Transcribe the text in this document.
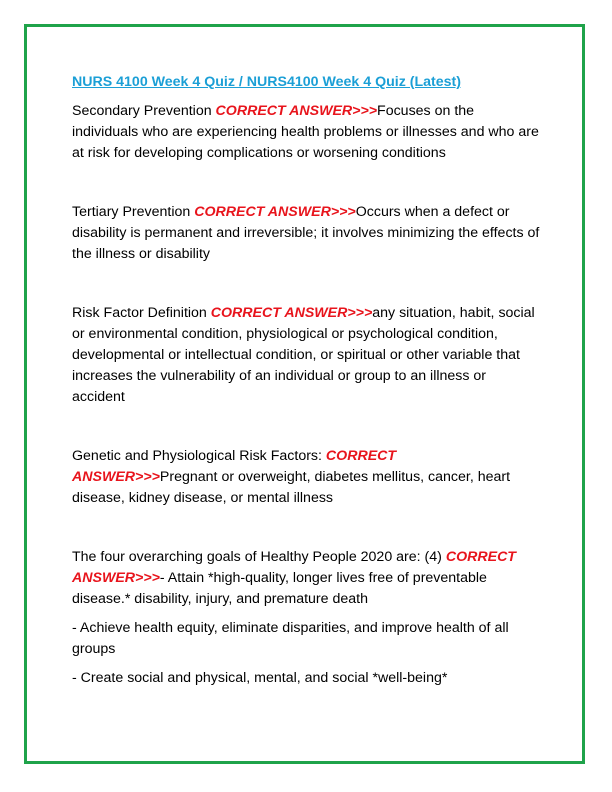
NURS 4100 Week 4 Quiz / NURS4100 Week 4 Quiz (Latest)

Secondary Prevention CORRECT ANSWER>>>Focuses on the individuals who are experiencing health problems or illnesses and who are at risk for developing complications or worsening conditions

Tertiary Prevention CORRECT ANSWER>>>Occurs when a defect or disability is permanent and irreversible; it involves minimizing the effects of the illness or disability

Risk Factor Definition CORRECT ANSWER>>>any situation, habit, social or environmental condition, physiological or psychological condition, developmental or intellectual condition, or spiritual or other variable that increases the vulnerability of an individual or group to an illness or accident

Genetic and Physiological Risk Factors: CORRECT ANSWER>>>Pregnant or overweight, diabetes mellitus, cancer, heart disease, kidney disease, or mental illness

The four overarching goals of Healthy People 2020 are: (4) CORRECT ANSWER>>>- Attain *high-quality, longer lives free of preventable disease.* disability, injury, and premature death

- Achieve health equity, eliminate disparities, and improve health of all groups

- Create social and physical, mental, and social *well-being*
